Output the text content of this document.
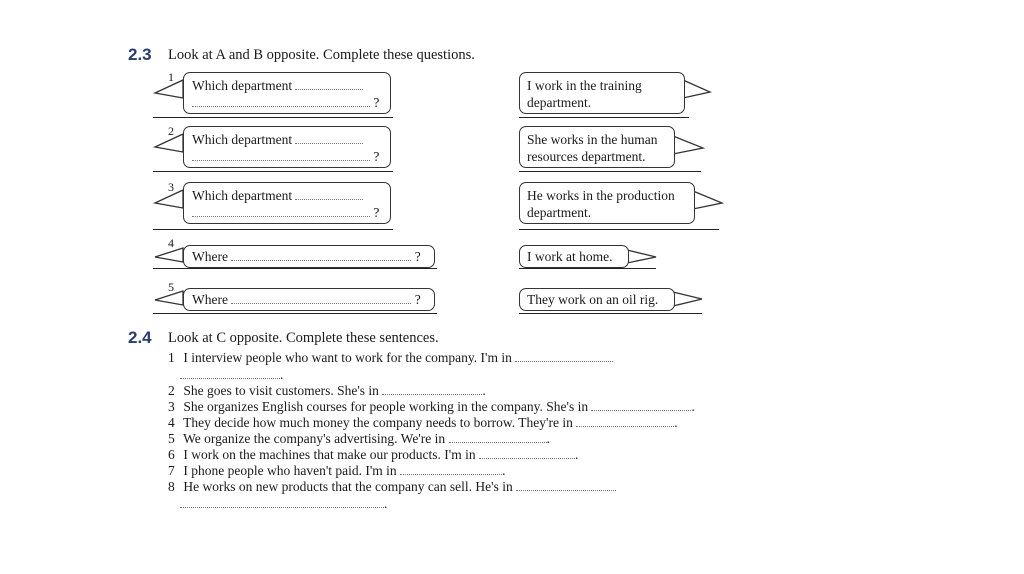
2.3 Look at A and B opposite. Complete these questions.
1
2
3
4
5
Which department
?
Which department
?
Which department
?
Where	?
Where	?
I work in the training
department.
She works in the human
resources department.
He works in the production
department.
I work at home.
They work on an oil rig.
2.4 Look at C opposite. Complete these sentences.
1 I interview people who want to work for the company. I'm in
.
2 She goes to visit customers. She's in	.
3 She organizes English courses for people working in the company. She's in	.
4 They decide how much money the company needs to borrow. They're in	.
5 We organize the company's advertising. We're in	.
6 I work on the machines that make our products. I'm in	.
7 I phone people who haven't paid. I'm in	.
8 He works on new products that the company can sell. He's in
.
